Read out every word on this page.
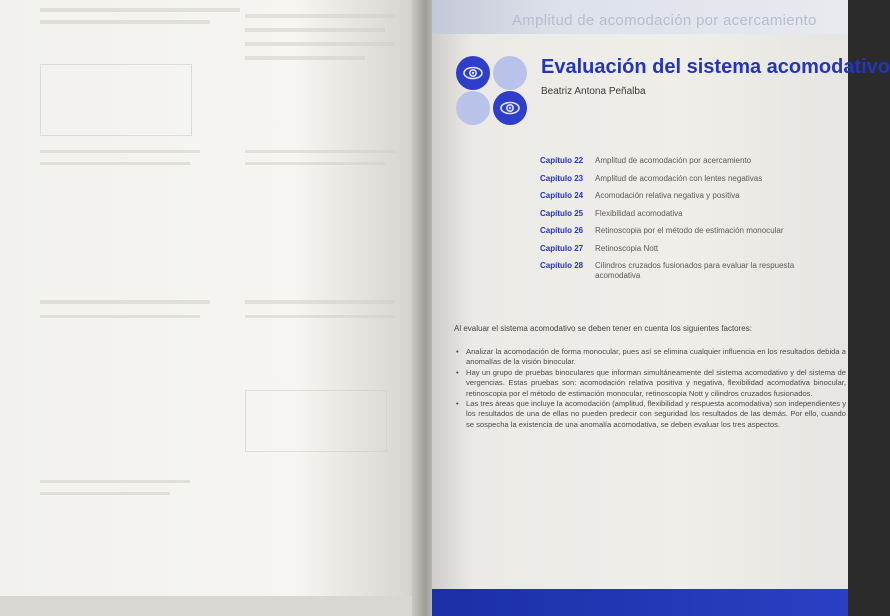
Amplitud de acomodación por acercamiento
Evaluación del sistema acomodativo
Beatriz Antona Peñalba
Capítulo 22	Amplitud de acomodación por acercamiento
Capítulo 23	Amplitud de acomodación con lentes negativas
Capítulo 24	Acomodación relativa negativa y positiva
Capítulo 25	Flexibilidad acomodativa
Capítulo 26	Retinoscopia por el método de estimación monocular
Capítulo 27	Retinoscopia Nott
Capítulo 28	Cilindros cruzados fusionados para evaluar la respuesta acomodativa
Al evaluar el sistema acomodativo se deben tener en cuenta los siguientes factores:
• Analizar la acomodación de forma monocular, pues así se elimina cualquier influencia en los resultados debida a anomalías de la visión binocular.
• Hay un grupo de pruebas binoculares que informan simultáneamente del sistema acomodativo y del sistema de vergencias. Estas pruebas son: acomodación relativa positiva y negativa, flexibilidad acomodativa binocular, retinoscopia por el método de estimación monocular, retinoscopia Nott y cilindros cruzados fusionados.
• Las tres áreas que incluye la acomodación (amplitud, flexibilidad y respuesta acomodativa) son independientes y los resultados de una de ellas no pueden predecir con seguridad los resultados de las demás. Por ello, cuando se sospecha la existencia de una anomalía acomodativa, se deben evaluar los tres aspectos.
